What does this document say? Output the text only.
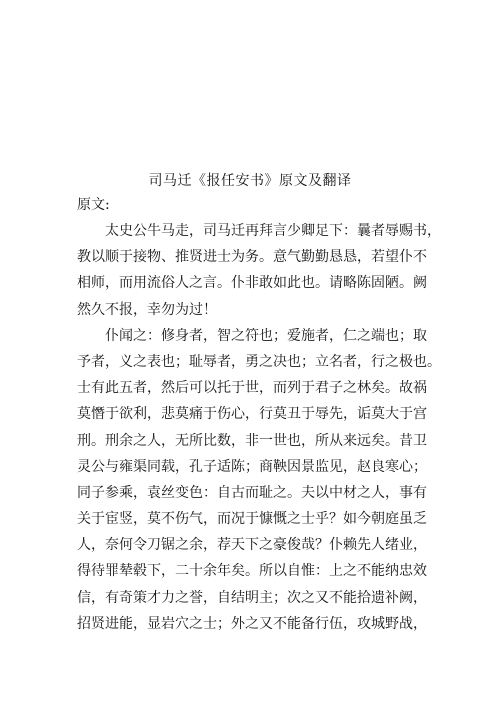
司马迁《报任安书》原文及翻译
原文:
太史公牛马走，司马迁再拜言少卿足下：曩者辱赐书，
教以顺于接物、推贤进士为务。意气勤勤恳恳，若望仆不
相师，而用流俗人之言。仆非敢如此也。请略陈固陋。阙
然久不报，幸勿为过！
仆闻之：修身者，智之符也；爱施者，仁之端也；取
予者，义之表也；耻辱者，勇之决也；立名者，行之极也。
士有此五者，然后可以托于世，而列于君子之林矣。故祸
莫憯于欲利，悲莫痛于伤心，行莫丑于辱先，诟莫大于宫
刑。刑余之人，无所比数，非一世也，所从来远矣。昔卫
灵公与雍渠同载，孔子适陈；商鞅因景监见，赵良寒心；
同子参乘，袁丝变色：自古而耻之。夫以中材之人，事有
关于宦竖，莫不伤气，而况于慷慨之士乎？如今朝庭虽乏
人，奈何令刀锯之余，荐天下之豪俊哉？仆赖先人绪业，
得待罪辇毂下，二十余年矣。所以自惟：上之不能纳忠效
信，有奇策才力之誉，自结明主；次之又不能拾遗补阙，
招贤进能，显岩穴之士；外之又不能备行伍，攻城野战，
